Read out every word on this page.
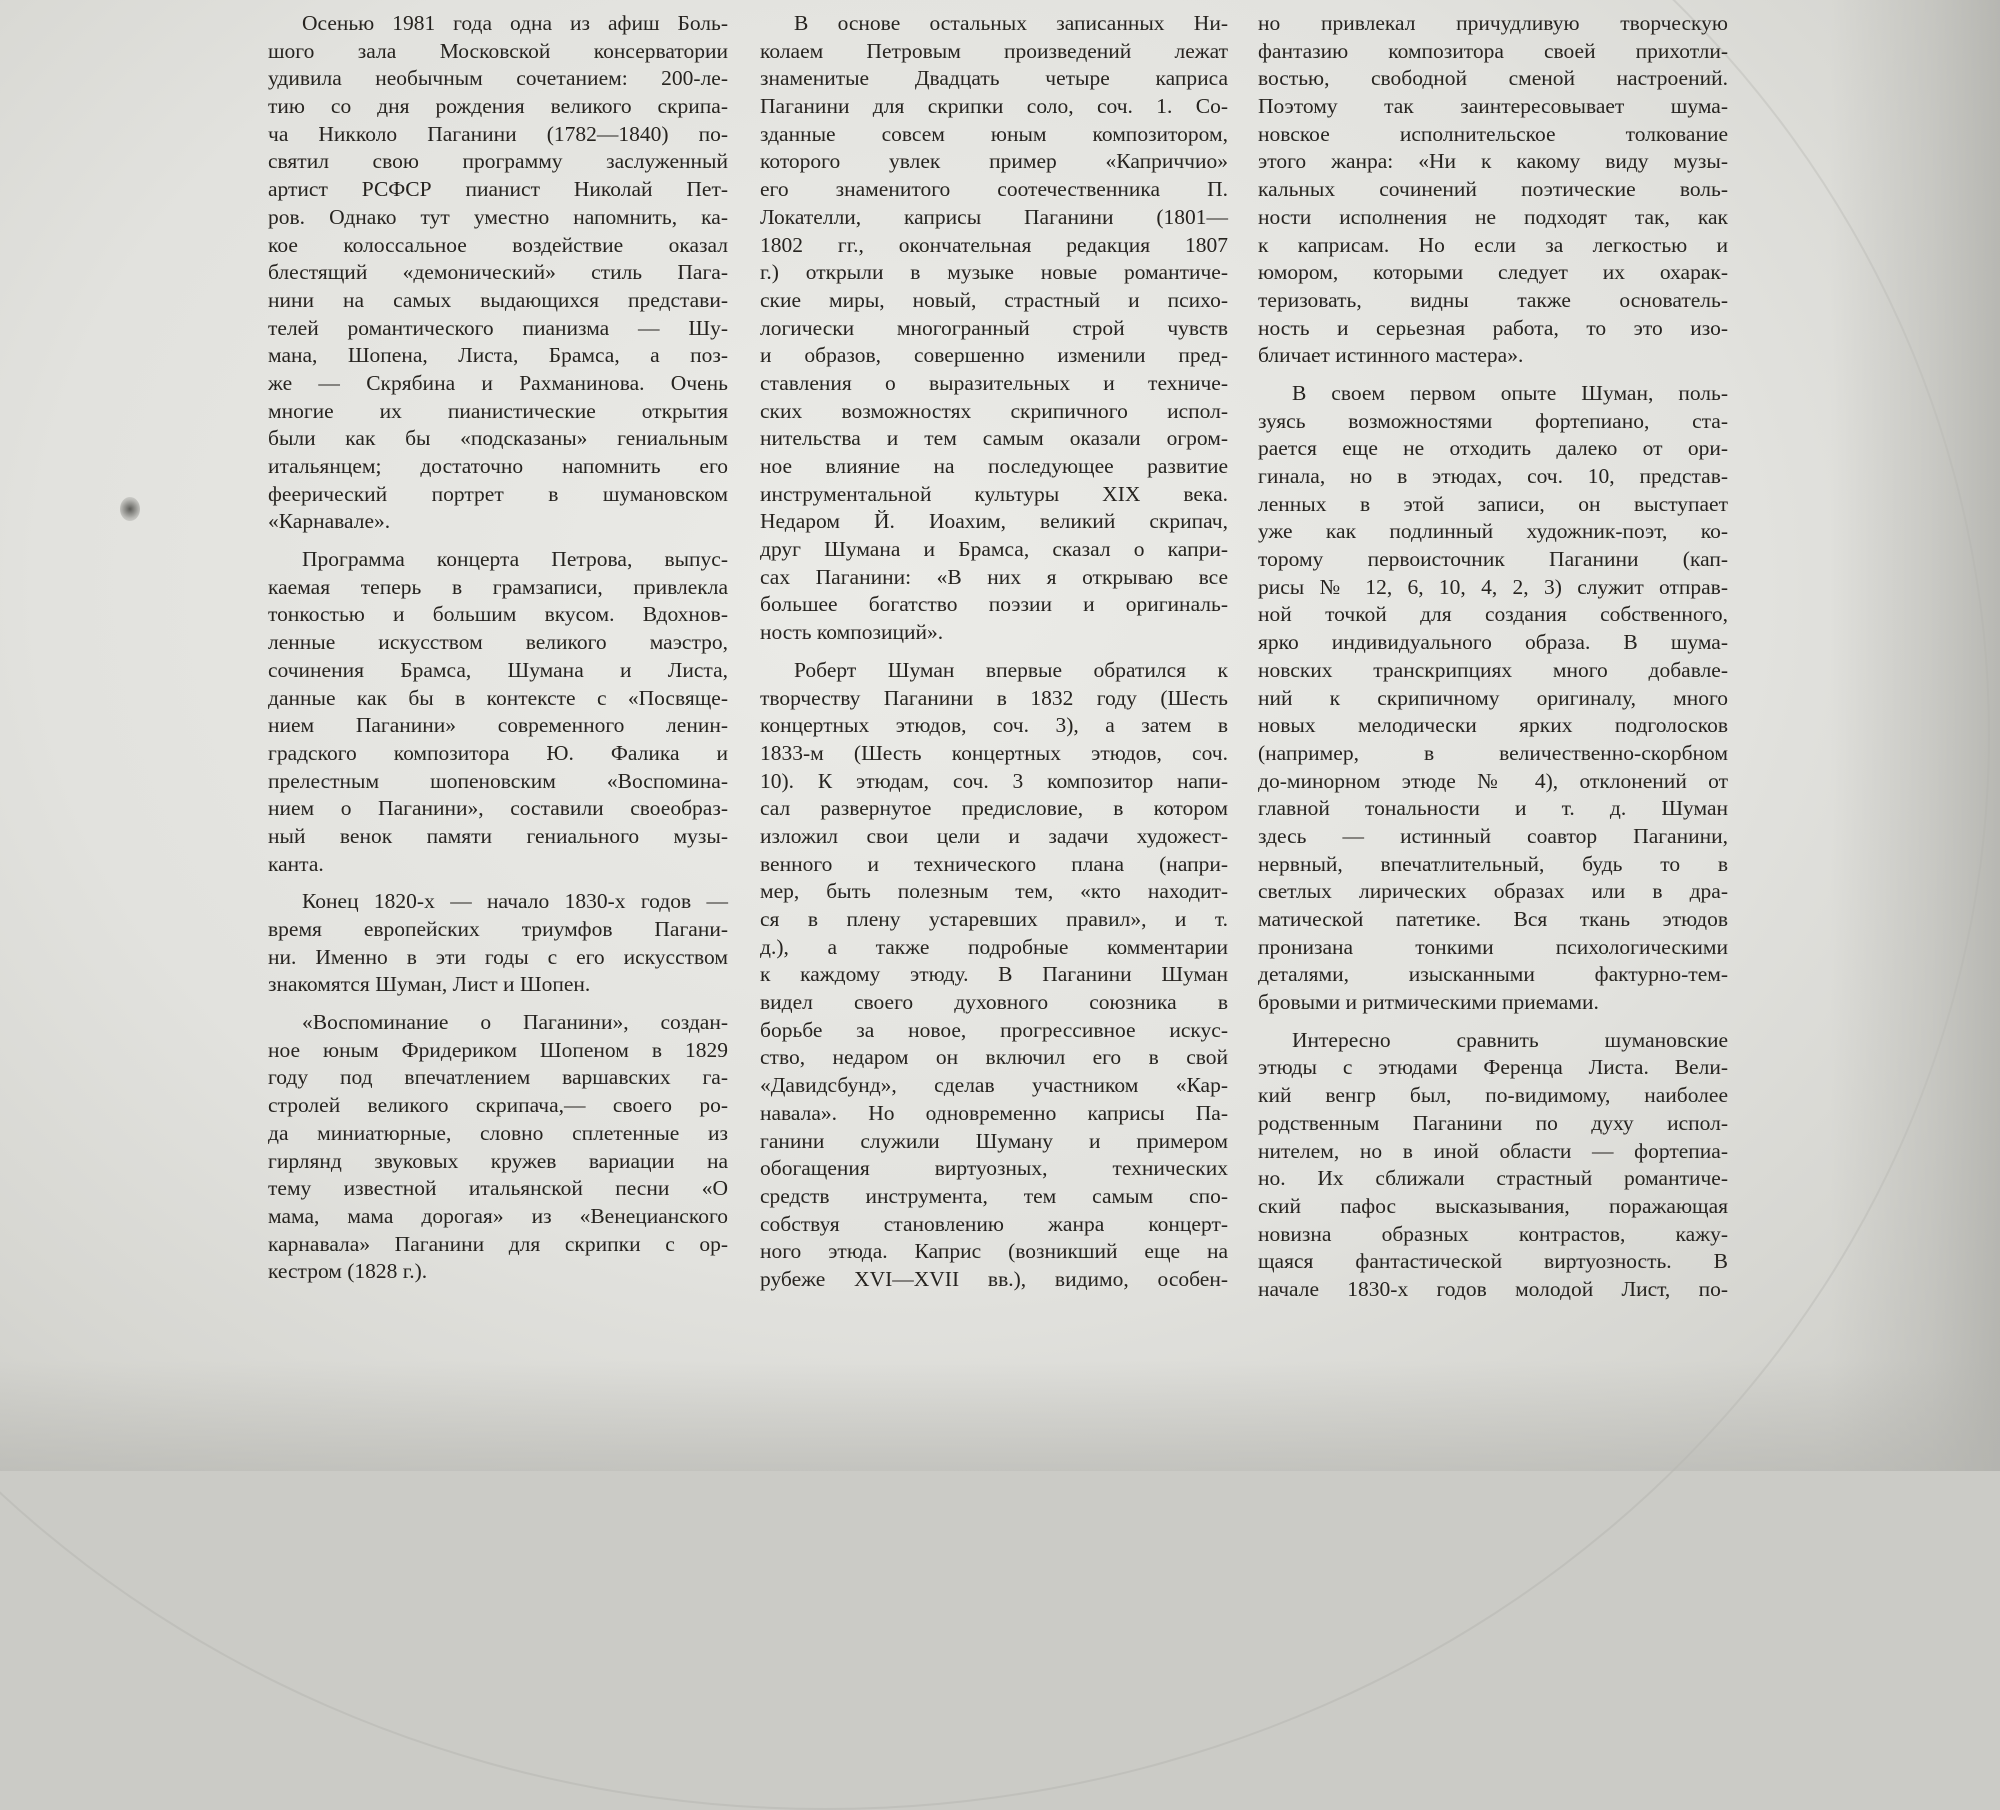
Осенью 1981 года одна из афиш Боль-
шого зала Московской консерватории
удивила необычным сочетанием: 200-ле-
тию со дня рождения великого скрипа-
ча Никколо Паганини (1782—1840) по-
святил свою программу заслуженный
артист РСФСР пианист Николай Пет-
ров. Однако тут уместно напомнить, ка-
кое колоссальное воздействие оказал
блестящий «демонический» стиль Пага-
нини на самых выдающихся представи-
телей романтического пианизма — Шу-
мана, Шопена, Листа, Брамса, а поз-
же — Скрябина и Рахманинова. Очень
многие их пианистические открытия
были как бы «подсказаны» гениальным
итальянцем; достаточно напомнить его
феерический портрет в шумановском
«Карнавале».
Программа концерта Петрова, выпус-
каемая теперь в грамзаписи, привлекла
тонкостью и большим вкусом. Вдохнов-
ленные искусством великого маэстро,
сочинения Брамса, Шумана и Листа,
данные как бы в контексте с «Посвяще-
нием Паганини» современного ленин-
градского композитора Ю. Фалика и
прелестным шопеновским «Воспомина-
нием о Паганини», составили своеобраз-
ный венок памяти гениального музы-
канта.
Конец 1820-х — начало 1830-х годов —
время европейских триумфов Пагани-
ни. Именно в эти годы с его искусством
знакомятся Шуман, Лист и Шопен.
«Воспоминание о Паганини», создан-
ное юным Фридериком Шопеном в 1829
году под впечатлением варшавских га-
стролей великого скрипача,— своего ро-
да миниатюрные, словно сплетенные из
гирлянд звуковых кружев вариации на
тему известной итальянской песни «О
мама, мама дорогая» из «Венецианского
карнавала» Паганини для скрипки с ор-
кестром (1828 г.).
В основе остальных записанных Ни-
колаем Петровым произведений лежат
знаменитые Двадцать четыре каприса
Паганини для скрипки соло, соч. 1. Со-
зданные совсем юным композитором,
которого увлек пример «Каприччио»
его знаменитого соотечественника П.
Локателли, каприсы Паганини (1801—
1802 гг., окончательная редакция 1807
г.) открыли в музыке новые романтиче-
ские миры, новый, страстный и психо-
логически многогранный строй чувств
и образов, совершенно изменили пред-
ставления о выразительных и техниче-
ских возможностях скрипичного испол-
нительства и тем самым оказали огром-
ное влияние на последующее развитие
инструментальной культуры XIX века.
Недаром Й. Иоахим, великий скрипач,
друг Шумана и Брамса, сказал о капри-
сах Паганини: «В них я открываю все
большее богатство поэзии и оригиналь-
ность композиций».
Роберт Шуман впервые обратился к
творчеству Паганини в 1832 году (Шесть
концертных этюдов, соч. 3), а затем в
1833-м (Шесть концертных этюдов, соч.
10). К этюдам, соч. 3 композитор напи-
сал развернутое предисловие, в котором
изложил свои цели и задачи художест-
венного и технического плана (напри-
мер, быть полезным тем, «кто находит-
ся в плену устаревших правил», и т.
д.), а также подробные комментарии
к каждому этюду. В Паганини Шуман
видел своего духовного союзника в
борьбе за новое, прогрессивное искус-
ство, недаром он включил его в свой
«Давидсбунд», сделав участником «Кар-
навала». Но одновременно каприсы Па-
ганини служили Шуману и примером
обогащения виртуозных, технических
средств инструмента, тем самым спо-
собствуя становлению жанра концерт-
ного этюда. Каприс (возникший еще на
рубеже XVI—XVII вв.), видимо, особен-
но привлекал причудливую творческую
фантазию композитора своей прихотли-
востью, свободной сменой настроений.
Поэтому так заинтересовывает шума-
новское исполнительское толкование
этого жанра: «Ни к какому виду музы-
кальных сочинений поэтические воль-
ности исполнения не подходят так, как
к каприсам. Но если за легкостью и
юмором, которыми следует их охарак-
теризовать, видны также основатель-
ность и серьезная работа, то это изо-
бличает истинного мастера».
В своем первом опыте Шуман, поль-
зуясь возможностями фортепиано, ста-
рается еще не отходить далеко от ори-
гинала, но в этюдах, соч. 10, представ-
ленных в этой записи, он выступает
уже как подлинный художник-поэт, ко-
торому первоисточник Паганини (кап-
рисы № 12, 6, 10, 4, 2, 3) служит отправ-
ной точкой для создания собственного,
ярко индивидуального образа. В шума-
новских транскрипциях много добавле-
ний к скрипичному оригиналу, много
новых мелодически ярких подголосков
(например, в величественно-скорбном
до-минорном этюде № 4), отклонений от
главной тональности и т. д. Шуман
здесь — истинный соавтор Паганини,
нервный, впечатлительный, будь то в
светлых лирических образах или в дра-
матической патетике. Вся ткань этюдов
пронизана тонкими психологическими
деталями, изысканными фактурно-тем-
бровыми и ритмическими приемами.
Интересно сравнить шумановские
этюды с этюдами Ференца Листа. Вели-
кий венгр был, по-видимому, наиболее
родственным Паганини по духу испол-
нителем, но в иной области — фортепиа-
но. Их сближали страстный романтиче-
ский пафос высказывания, поражающая
новизна образных контрастов, кажу-
щаяся фантастической виртуозность. В
начале 1830-х годов молодой Лист, по-
